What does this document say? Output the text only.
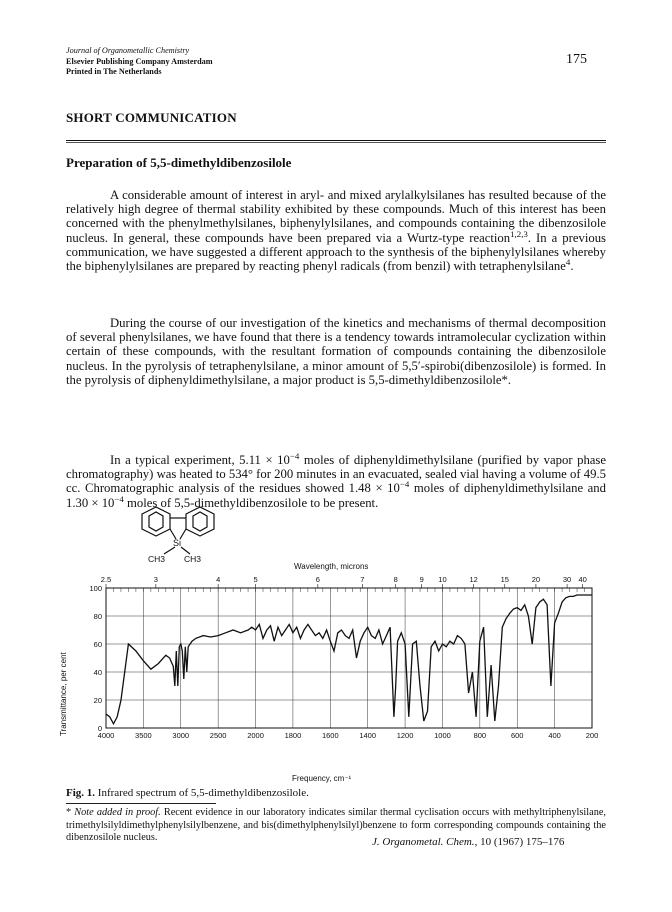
Journal of Organometallic Chemistry
Elsevier Publishing Company Amsterdam
Printed in The Netherlands
175
SHORT COMMUNICATION
Preparation of 5,5-dimethyldibenzosilole

A considerable amount of interest in aryl- and mixed arylalkylsilanes has resulted because of the relatively high degree of thermal stability exhibited by these compounds. Much of this interest has been concerned with the phenylmethylsilanes, biphenylylsilanes, and compounds containing the dibenzosilole nucleus. In general, these compounds have been prepared via a Wurtz-type reaction$^{1,2,3}$. In a previous communication, we have suggested a different approach to the synthesis of the biphenylylsilanes whereby the biphenylylsilanes are prepared by reacting phenyl radicals (from benzil) with tetraphenylsilane$^4$.

During the course of our investigation of the kinetics and mechanisms of thermal decomposition of several phenylsilanes, we have found that there is a tendency towards intramolecular cyclization within certain of these compounds, with the resultant formation of compounds containing the dibenzosilole nucleus. In the pyrolysis of tetraphenylsilane, a minor amount of 5,5′-spirobi(dibenzosilole) is formed. In the pyrolysis of diphenyldimethylsilane, a major product is 5,5-dimethyldibenzosilole*.

In a typical experiment, $5.11 \times 10^{-4}$ moles of diphenyldimethylsilane (purified by vapor phase chromatography) was heated to 534° for 200 minutes in an evacuated, sealed vial having a volume of 49.5 cc. Chromatographic analysis of the residues showed $1.48 \times 10^{-4}$ moles of diphenyldimethylsilane and $1.30 \times 10^{-4}$ moles of 5,5-dimethyldibenzosilole to be present.

Si
CH3 CH3
Wavelength, microns
Transmittance, per cent
Frequency, cm⁻¹
4000	3500	3000	2500	2000	1800	1600	1400	1200	1000	800	600	400	200
0
20
40
60
80
100
2.5	3	4	5	6	7	8	9 10	12	15	20	30 40
Fig. 1. Infrared spectrum of 5,5-dimethyldibenzosilole.
* Note added in proof. Recent evidence in our laboratory indicates similar thermal cyclisation occurs with methyltriphenylsilane, trimethylsilyldimethylphenylsilylbenzene, and bis(dimethylphenylsilyl)benzene to form corresponding compounds containing the dibenzosilole nucleus.	J. Organometal. Chem., 10 (1967) 175–176
